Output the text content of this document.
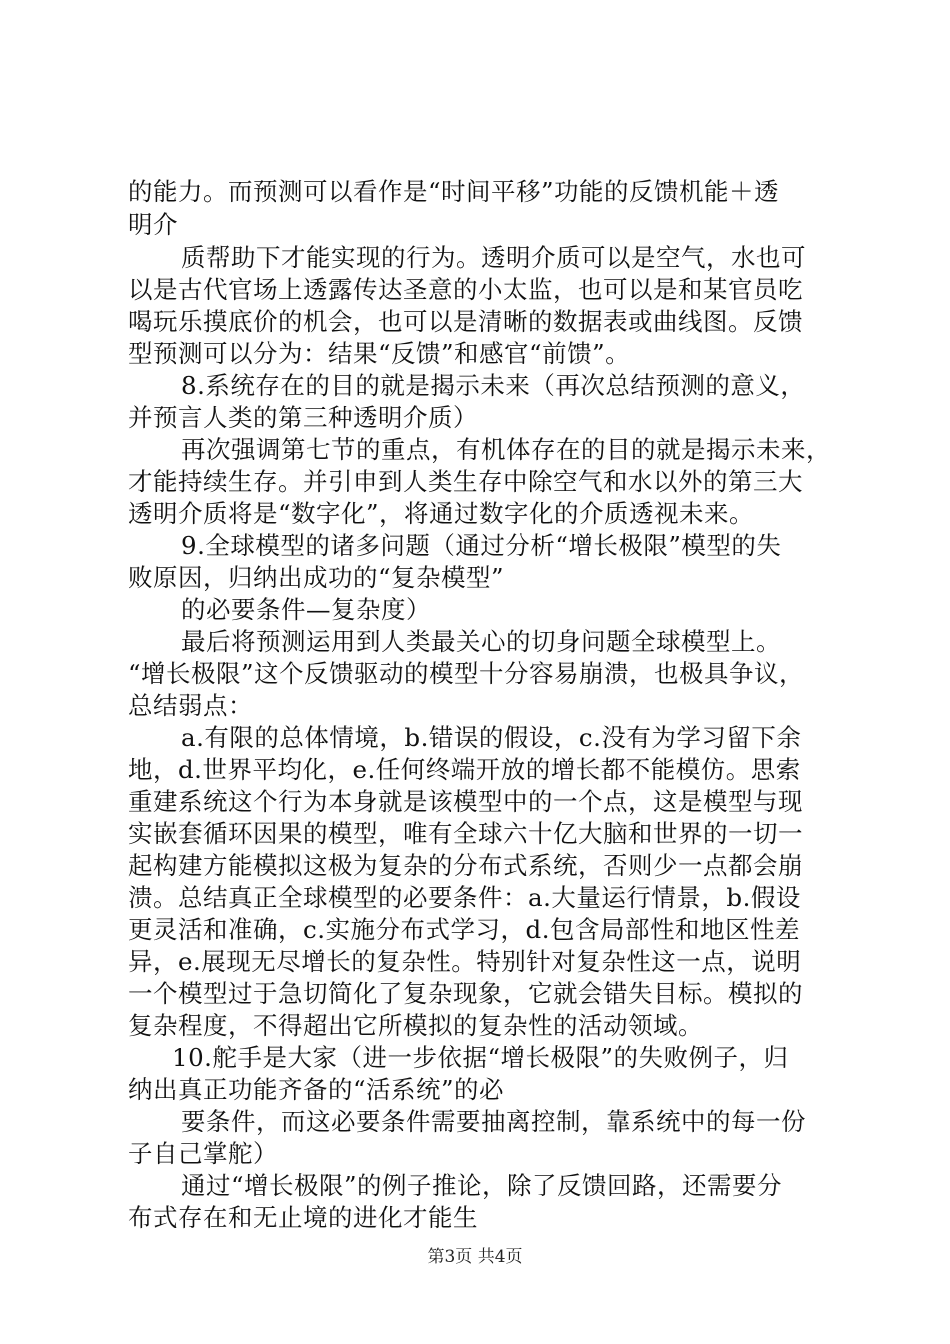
的能力。而预测可以看作是“时间平移”功能的反馈机能＋透
明介
质帮助下才能实现的行为。透明介质可以是空气，水也可
以是古代官场上透露传达圣意的小太监，也可以是和某官员吃
喝玩乐摸底价的机会，也可以是清晰的数据表或曲线图。反馈
型预测可以分为：结果“反馈”和感官“前馈”。
8.系统存在的目的就是揭示未来（再次总结预测的意义，
并预言人类的第三种透明介质）
再次强调第七节的重点，有机体存在的目的就是揭示未来，
才能持续生存。并引申到人类生存中除空气和水以外的第三大
透明介质将是“数字化”，将通过数字化的介质透视未来。
9.全球模型的诸多问题（通过分析“增长极限”模型的失
败原因，归纳出成功的“复杂模型”
的必要条件—复杂度）
最后将预测运用到人类最关心的切身问题全球模型上。
“增长极限”这个反馈驱动的模型十分容易崩溃，也极具争议，
总结弱点：
a.有限的总体情境，b.错误的假设，c.没有为学习留下余
地，d.世界平均化，e.任何终端开放的增长都不能模仿。思索
重建系统这个行为本身就是该模型中的一个点，这是模型与现
实嵌套循环因果的模型，唯有全球六十亿大脑和世界的一切一
起构建方能模拟这极为复杂的分布式系统，否则少一点都会崩
溃。总结真正全球模型的必要条件：a.大量运行情景，b.假设
更灵活和准确，c.实施分布式学习，d.包含局部性和地区性差
异，e.展现无尽增长的复杂性。特别针对复杂性这一点，说明
一个模型过于急切简化了复杂现象，它就会错失目标。模拟的
复杂程度，不得超出它所模拟的复杂性的活动领域。
10.舵手是大家（进一步依据“增长极限”的失败例子，归
纳出真正功能齐备的“活系统”的必
要条件，而这必要条件需要抽离控制，靠系统中的每一份
子自己掌舵）
通过“增长极限”的例子推论，除了反馈回路，还需要分
布式存在和无止境的进化才能生
第3页 共4页
